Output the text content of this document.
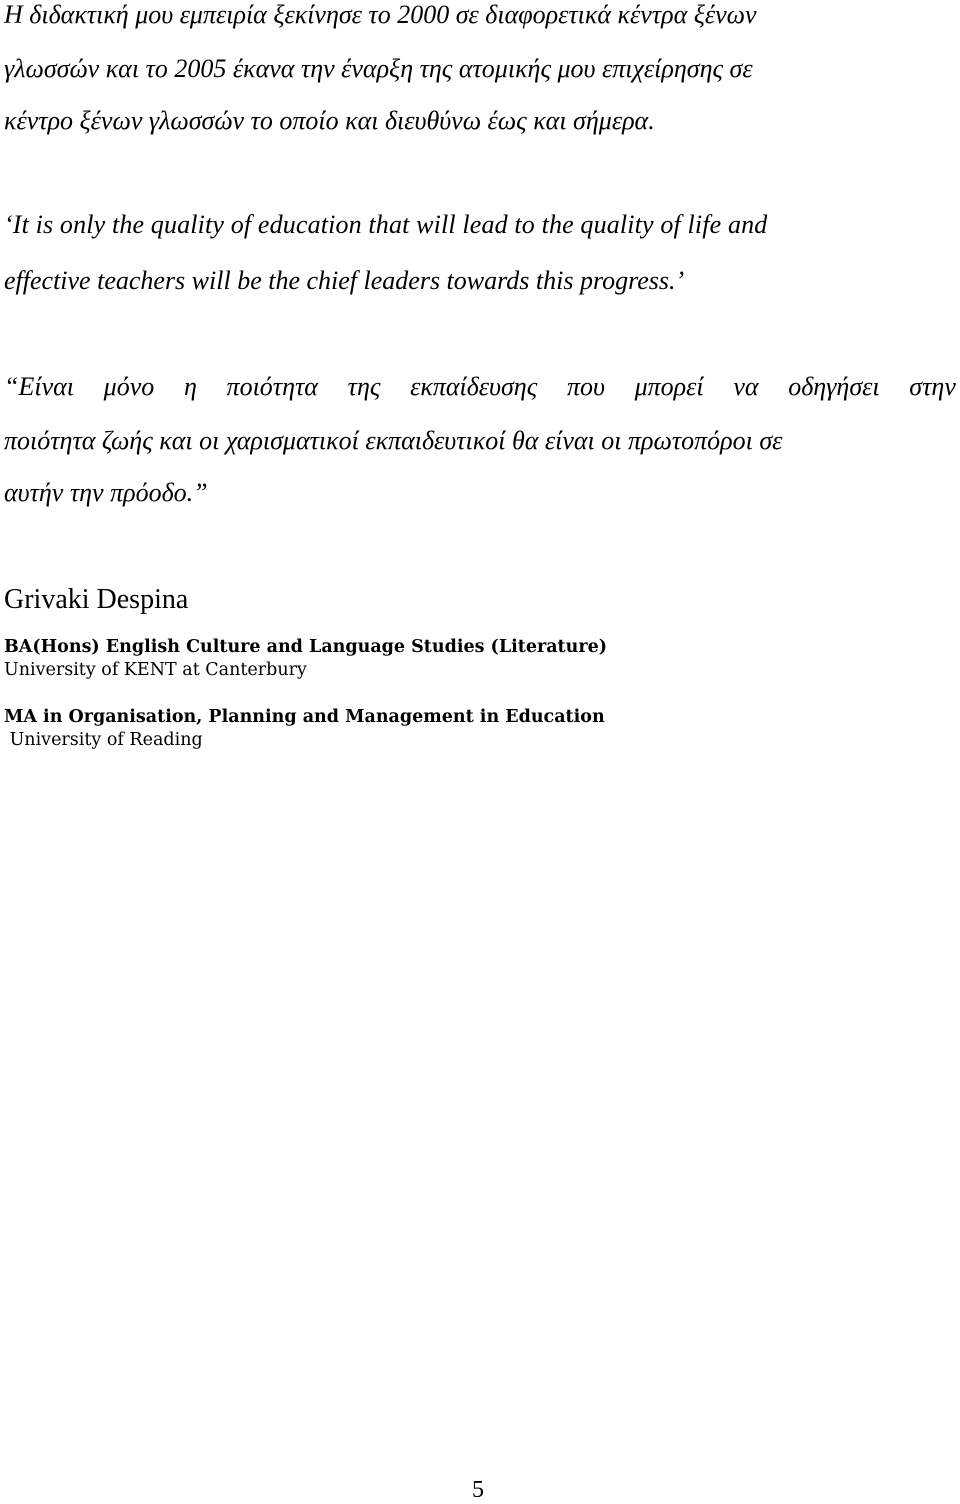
Η διδακτική μου εμπειρία ξεκίνησε το 2000 σε διαφορετικά κέντρα ξένων
γλωσσών και το 2005 έκανα την έναρξη της ατομικής μου επιχείρησης σε
κέντρο ξένων γλωσσών το οποίο και διευθύνω έως και σήμερα.
‘It is only the quality of education that will lead to the quality of life and
effective teachers will be the chief leaders towards this progress.’
“Είναι μόνο η ποιότητα της εκπαίδευσης που μπορεί να οδηγήσει στην
ποιότητα ζωής και οι χαρισματικοί εκπαιδευτικοί θα είναι οι πρωτοπόροι σε
αυτήν την πρόοδο.”
Grivaki Despina
BA(Hons) English Culture and Language Studies (Literature)
University of KENT at Canterbury
MA in Organisation, Planning and Management in Education
University of Reading
5
